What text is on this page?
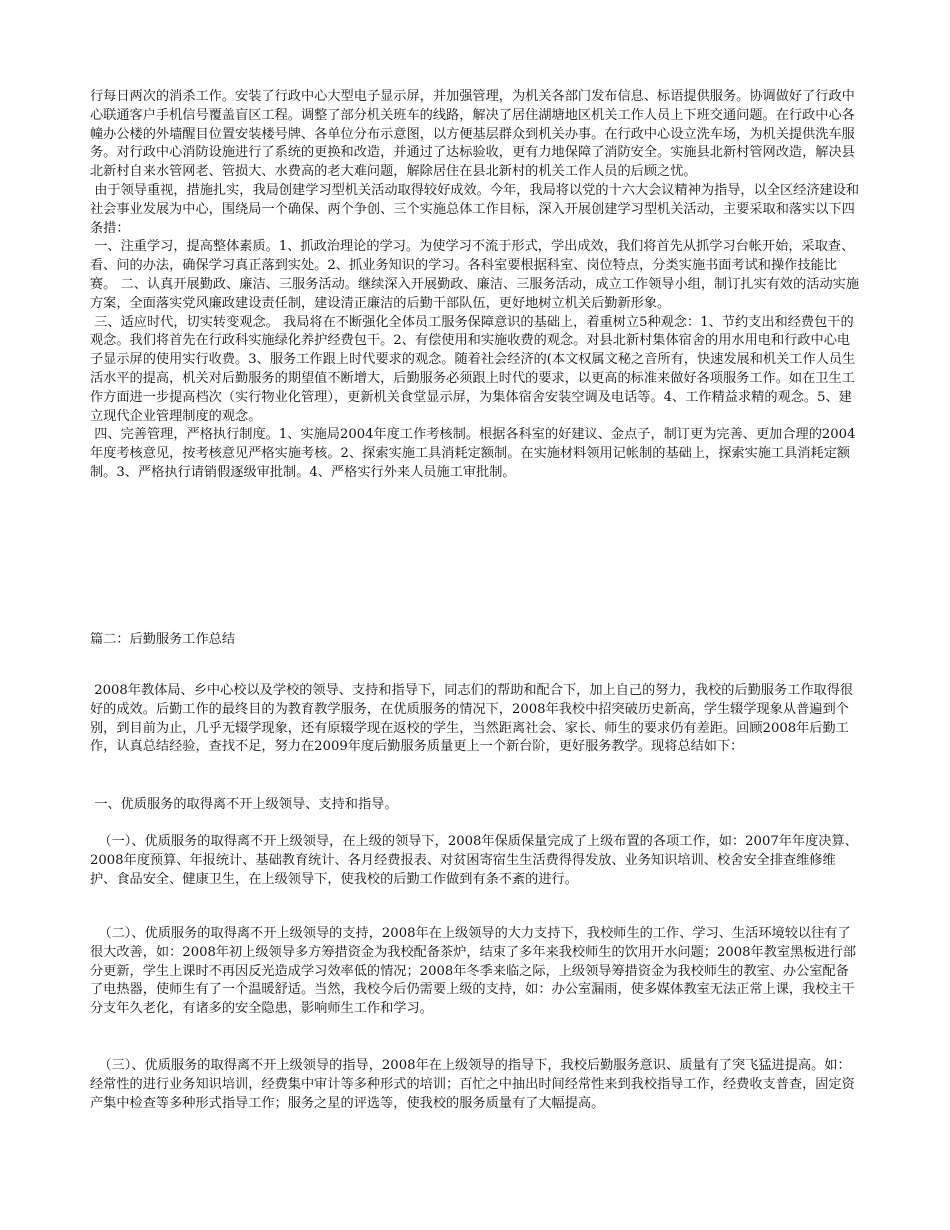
行每日两次的消杀工作。安装了行政中心大型电子显示屏，并加强管理，为机关各部门发布信息、标语提供服务。协调做好了行政中心联通客户手机信号覆盖盲区工程。调整了部分机关班车的线路，解决了居住湖塘地区机关工作人员上下班交通问题。在行政中心各幢办公楼的外墙醒目位置安装楼号牌、各单位分布示意图，以方便基层群众到机关办事。在行政中心设立洗车场，为机关提供洗车服务。对行政中心消防设施进行了系统的更换和改造，并通过了达标验收，更有力地保障了消防安全。实施县北新村管网改造，解决县北新村自来水管网老、管损大、水费高的老大难问题，解除居住在县北新村的机关工作人员的后顾之忧。
由于领导重视，措施扎实，我局创建学习型机关活动取得较好成效。今年，我局将以党的十六大会议精神为指导，以全区经济建设和社会事业发展为中心，围绕局一个确保、两个争创、三个实施总体工作目标，深入开展创建学习型机关活动，主要采取和落实以下四条措：
一、注重学习，提高整体素质。1、抓政治理论的学习。为使学习不流于形式，学出成效，我们将首先从抓学习台帐开始，采取查、看、问的办法，确保学习真正落到实处。2、抓业务知识的学习。各科室要根据科室、岗位特点，分类实施书面考试和操作技能比赛。 二、认真开展勤政、廉洁、三服务活动。继续深入开展勤政、廉洁、三服务活动，成立工作领导小组，制订扎实有效的活动实施方案，全面落实党风廉政建设责任制，建设清正廉洁的后勤干部队伍，更好地树立机关后勤新形象。
三、适应时代，切实转变观念。 我局将在不断强化全体员工服务保障意识的基础上，着重树立5种观念：1、节约支出和经费包干的观念。我们将首先在行政科实施绿化养护经费包干。2、有偿使用和实施收费的观念。对县北新村集体宿舍的用水用电和行政中心电子显示屏的使用实行收费。3、服务工作跟上时代要求的观念。随着社会经济的(本文权属文秘之音所有，快速发展和机关工作人员生活水平的提高，机关对后勤服务的期望值不断增大，后勤服务必须跟上时代的要求，以更高的标准来做好各项服务工作。如在卫生工作方面进一步提高档次（实行物业化管理），更新机关食堂显示屏，为集体宿舍安装空调及电话等。4、工作精益求精的观念。5、建立现代企业管理制度的观念。
四、完善管理，严格执行制度。1、实施局2004年度工作考核制。根据各科室的好建议、金点子，制订更为完善、更加合理的2004年度考核意见，按考核意见严格实施考核。2、探索实施工具消耗定额制。在实施材料领用记帐制的基础上，探索实施工具消耗定额制。3、严格执行请销假逐级审批制。4、严格实行外来人员施工审批制。
篇二：后勤服务工作总结
2008年教体局、乡中心校以及学校的领导、支持和指导下，同志们的帮助和配合下，加上自己的努力，我校的后勤服务工作取得很好的成效。后勤工作的最终目的为教育教学服务，在优质服务的情况下，2008年我校中招突破历史新高，学生辍学现象从普遍到个别，到目前为止，几乎无辍学现象，还有原辍学现在返校的学生，当然距离社会、家长、师生的要求仍有差距。回顾2008年后勤工作，认真总结经验，查找不足，努力在2009年度后勤服务质量更上一个新台阶，更好服务教学。现将总结如下：
一、优质服务的取得离不开上级领导、支持和指导。
（一）、优质服务的取得离不开上级领导，在上级的领导下，2008年保质保量完成了上级布置的各项工作，如：2007年年度决算、2008年度预算、年报统计、基础教育统计、各月经费报表、对贫困寄宿生生活费得得发放、业务知识培训、校舍安全排查维修维护、食品安全、健康卫生，在上级领导下，使我校的后勤工作做到有条不紊的进行。
（二）、优质服务的取得离不开上级领导的支持，2008年在上级领导的大力支持下，我校师生的工作、学习、生活环境较以往有了很大改善，如：2008年初上级领导多方筹措资金为我校配备茶炉，结束了多年来我校师生的饮用开水问题；2008年教室黑板进行部分更新，学生上课时不再因反光造成学习效率低的情况；2008年冬季来临之际，上级领导筹措资金为我校师生的教室、办公室配备了电热器，使师生有了一个温暖舒适。当然，我校今后仍需要上级的支持，如：办公室漏雨，使多媒体教室无法正常上课，我校主干分支年久老化，有诸多的安全隐患，影响师生工作和学习。
（三）、优质服务的取得离不开上级领导的指导，2008年在上级领导的指导下，我校后勤服务意识、质量有了突飞猛进提高。如：经常性的进行业务知识培训，经费集中审计等多种形式的培训；百忙之中抽出时间经常性来到我校指导工作，经费收支普查，固定资产集中检查等多种形式指导工作；服务之星的评选等，使我校的服务质量有了大幅提高。
